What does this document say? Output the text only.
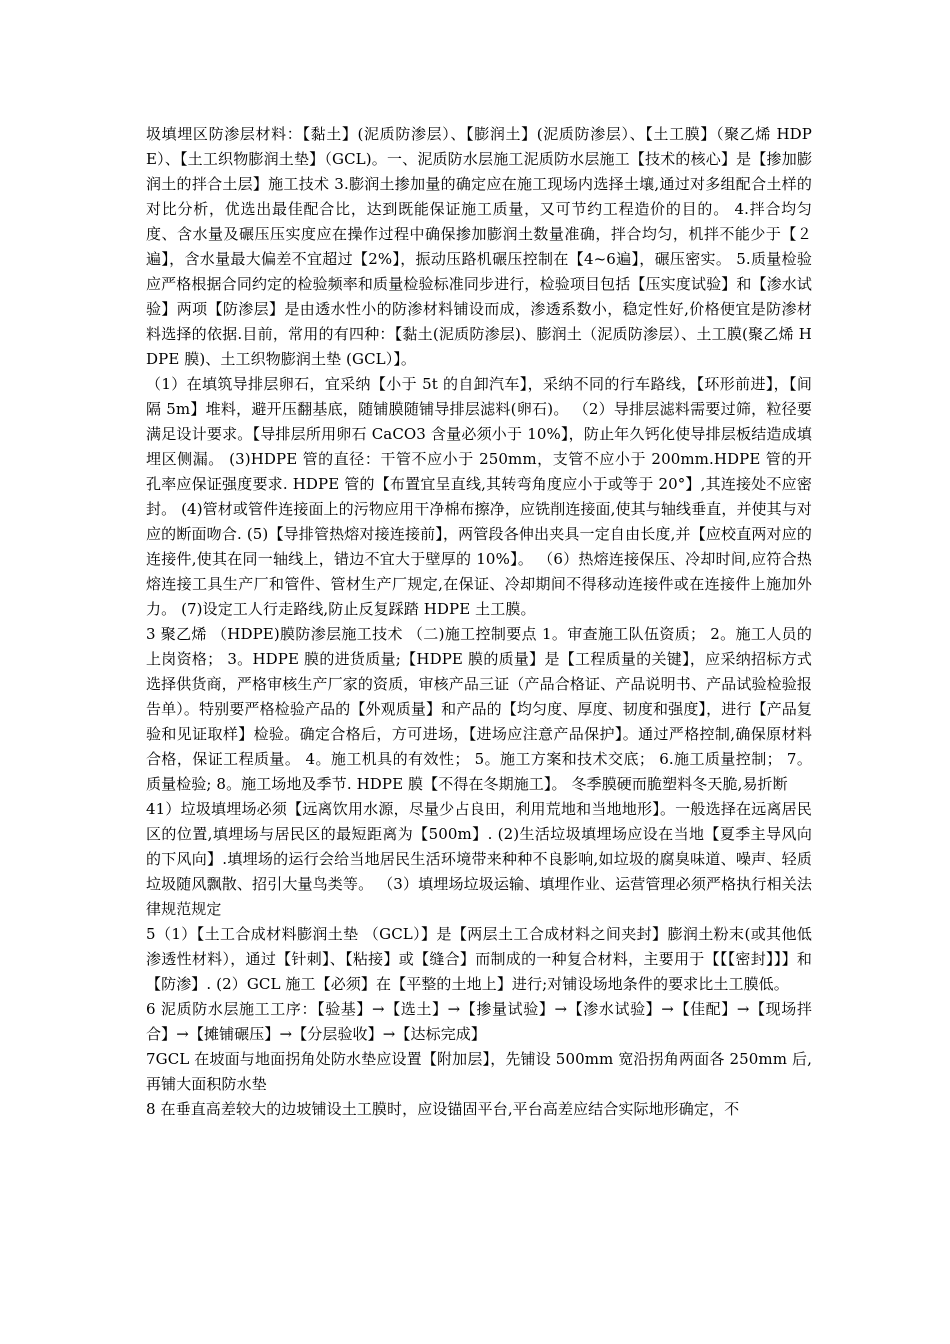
圾填埋区防渗层材料：【黏土】(泥质防渗层）、【膨润土】(泥质防渗层）、【土工膜】（聚乙烯 HDPE）、【土工织物膨润土垫】（GCL)。一、泥质防水层施工泥质防水层施工【技术的核心】是【掺加膨润土的拌合土层】施工技术 3.膨润土掺加量的确定应在施工现场内选择土壤,通过对多组配合土样的对比分析，优选出最佳配合比，达到既能保证施工质量，又可节约工程造价的目的。 4.拌合均匀度、含水量及碾压压实度应在操作过程中确保掺加膨润土数量准确，拌合均匀，机拌不能少于【２遍】，含水量最大偏差不宜超过【2%】，振动压路机碾压控制在【4~6遍】，碾压密实。 5.质量检验应严格根据合同约定的检验频率和质量检验标准同步进行，检验项目包括【压实度试验】和【渗水试验】两项【防渗层】是由透水性小的防渗材料铺设而成，渗透系数小，稳定性好,价格便宜是防渗材料选择的依据.目前，常用的有四种：【黏土(泥质防渗层)、膨润土（泥质防渗层）、土工膜(聚乙烯 HDPE 膜)、土工织物膨润土垫 (GCL）】。

（1）在填筑导排层卵石，宜采纳【小于 5t 的自卸汽车】，采纳不同的行车路线，【环形前进】，【间隔 5m】堆料，避开压翻基底，随铺膜随铺导排层滤料(卵石)。 （2）导排层滤料需要过筛，粒径要满足设计要求。【导排层所用卵石 CaCO3 含量必须小于 10%】，防止年久钙化使导排层板结造成填埋区侧漏。 (3)HDPE 管的直径：干管不应小于 250mm，支管不应小于 200mm.HDPE 管的开孔率应保证强度要求. HDPE 管的【布置宜呈直线,其转弯角度应小于或等于 20°】,其连接处不应密封。 (4)管材或管件连接面上的污物应用干净棉布擦净，应铣削连接面,使其与轴线垂直，并使其与对应的断面吻合. (5)【导排管热熔对接连接前】，两管段各伸出夹具一定自由长度,并【应校直两对应的连接件,使其在同一轴线上，错边不宜大于壁厚的 10%】。 （6）热熔连接保压、冷却时间,应符合热熔连接工具生产厂和管件、管材生产厂规定,在保证、冷却期间不得移动连接件或在连接件上施加外力。 (7)设定工人行走路线,防止反复踩踏 HDPE 土工膜。

3 聚乙烯 （HDPE)膜防渗层施工技术 （二)施工控制要点 1。审查施工队伍资质； 2。施工人员的上岗资格； 3。HDPE 膜的进货质量;【HDPE 膜的质量】是【工程质量的关键】，应采纳招标方式选择供货商，严格审核生产厂家的资质，审核产品三证（产品合格证、产品说明书、产品试验检验报告单）。特别要严格检验产品的【外观质量】和产品的【均匀度、厚度、韧度和强度】，进行【产品复验和见证取样】检验。确定合格后，方可进场，【进场应注意产品保护】。通过严格控制,确保原材料合格，保证工程质量。 4。施工机具的有效性； 5。施工方案和技术交底； 6.施工质量控制； 7。质量检验; 8。施工场地及季节. HDPE 膜【不得在冬期施工】。 冬季膜硬而脆塑料冬天脆,易折断

41）垃圾填埋场必须【远离饮用水源，尽量少占良田，利用荒地和当地地形】。一般选择在远离居民区的位置,填埋场与居民区的最短距离为【500m】. (2)生活垃圾填埋场应设在当地【夏季主导风向的下风向】.填埋场的运行会给当地居民生活环境带来种种不良影响,如垃圾的腐臭味道、噪声、轻质垃圾随风飘散、招引大量鸟类等。 （3）填埋场垃圾运输、填埋作业、运营管理必须严格执行相关法律规范规定

5（1）【土工合成材料膨润土垫 （GCL）】是【两层土工合成材料之间夹封】膨润土粉末(或其他低渗透性材料），通过【针刺】、【粘接】或【缝合】而制成的一种复合材料，主要用于【【【密封】】】和【防渗】. (2）GCL 施工【必须】在【平整的土地上】进行;对铺设场地条件的要求比土工膜低。

6 泥质防水层施工工序：【验基】→【选土】→【掺量试验】→【渗水试验】→【佳配】→【现场拌合】→【摊铺碾压】→【分层验收】→【达标完成】

7GCL 在坡面与地面拐角处防水垫应设置【附加层】，先铺设 500mm 宽沿拐角两面各 250mm 后,再铺大面积防水垫

8 在垂直高差较大的边坡铺设土工膜时，应设锚固平台,平台高差应结合实际地形确定，不
